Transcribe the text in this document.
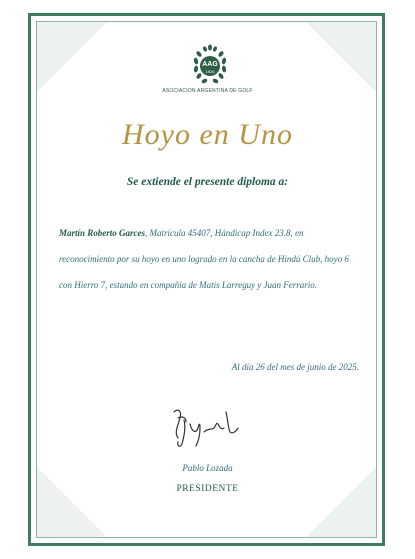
AAG
1926
ASOCIACION ARGENTINA DE GOLF
Hoyo en Uno
Se extiende el presente diploma a:
Martín Roberto Garces, Matrícula 45407, Hándicap Index 23.8, en reconocimiento por su hoyo en uno logrado en la cancha de Hindú Club, hoyo 6 con Hierro 7, estando en compañía de Matis Larreguy y Juan Ferrario.
Al día 26 del mes de junio de 2025.
Pablo Lozada
PRESIDENTE
